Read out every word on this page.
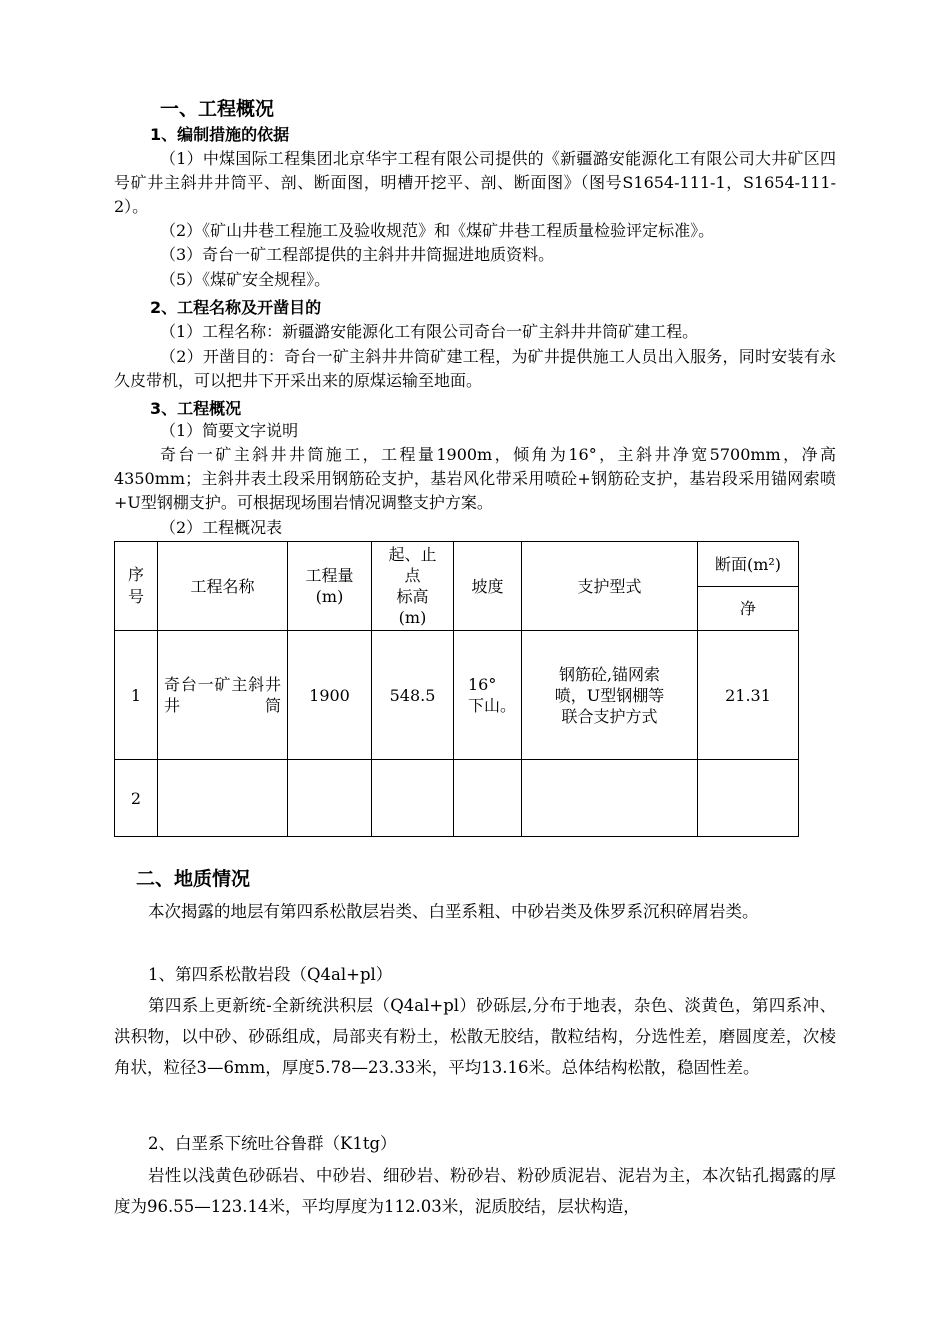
一、工程概况
1、编制措施的依据
（1）中煤国际工程集团北京华宇工程有限公司提供的《新疆潞安能源化工有限公司大井矿区四号矿井主斜井井筒平、剖、断面图，明槽开挖平、剖、断面图》（图号S1654-111-1，S1654-111-2）。
（2）《矿山井巷工程施工及验收规范》和《煤矿井巷工程质量检验评定标准》。
（3）奇台一矿工程部提供的主斜井井筒掘进地质资料。
（5）《煤矿安全规程》。
2、工程名称及开凿目的
（1）工程名称：新疆潞安能源化工有限公司奇台一矿主斜井井筒矿建工程。
（2）开凿目的：奇台一矿主斜井井筒矿建工程，为矿井提供施工人员出入服务，同时安装有永久皮带机，可以把井下开采出来的原煤运输至地面。
3、工程概况
（1）简要文字说明
奇台一矿主斜井井筒施工，工程量1900m，倾角为16°，主斜井净宽5700mm，净高4350mm；主斜井表土段采用钢筋砼支护，基岩风化带采用喷砼+钢筋砼支护，基岩段采用锚网索喷+U型钢棚支护。可根据现场围岩情况调整支护方案。
（2）工程概况表
序号	工程名称	工程量(m)	起、止
点
标高
(m)	坡度	支护型式	断面(m²)
						净
1	奇台一矿主斜井井筒	1900	548.5	16°
下山。	钢筋砼,锚网索喷，U型钢棚等联合支护方式	21.31
2				

二、地质情况
本次揭露的地层有第四系松散层岩类、白垩系粗、中砂岩类及侏罗系沉积碎屑岩类。
1、第四系松散岩段（Q4al+pl）
第四系上更新统-全新统洪积层（Q4al+pl）砂砾层,分布于地表，杂色、淡黄色，第四系冲、洪积物，以中砂、砂砾组成，局部夹有粉土，松散无胶结，散粒结构，分选性差，磨圆度差，次棱角状，粒径3—6mm，厚度5.78—23.33米，平均13.16米。总体结构松散，稳固性差。
2、白垩系下统吐谷鲁群（K1tg）
岩性以浅黄色砂砾岩、中砂岩、细砂岩、粉砂岩、粉砂质泥岩、泥岩为主，本次钻孔揭露的厚度为96.55—123.14米，平均厚度为112.03米，泥质胶结，层状构造，
